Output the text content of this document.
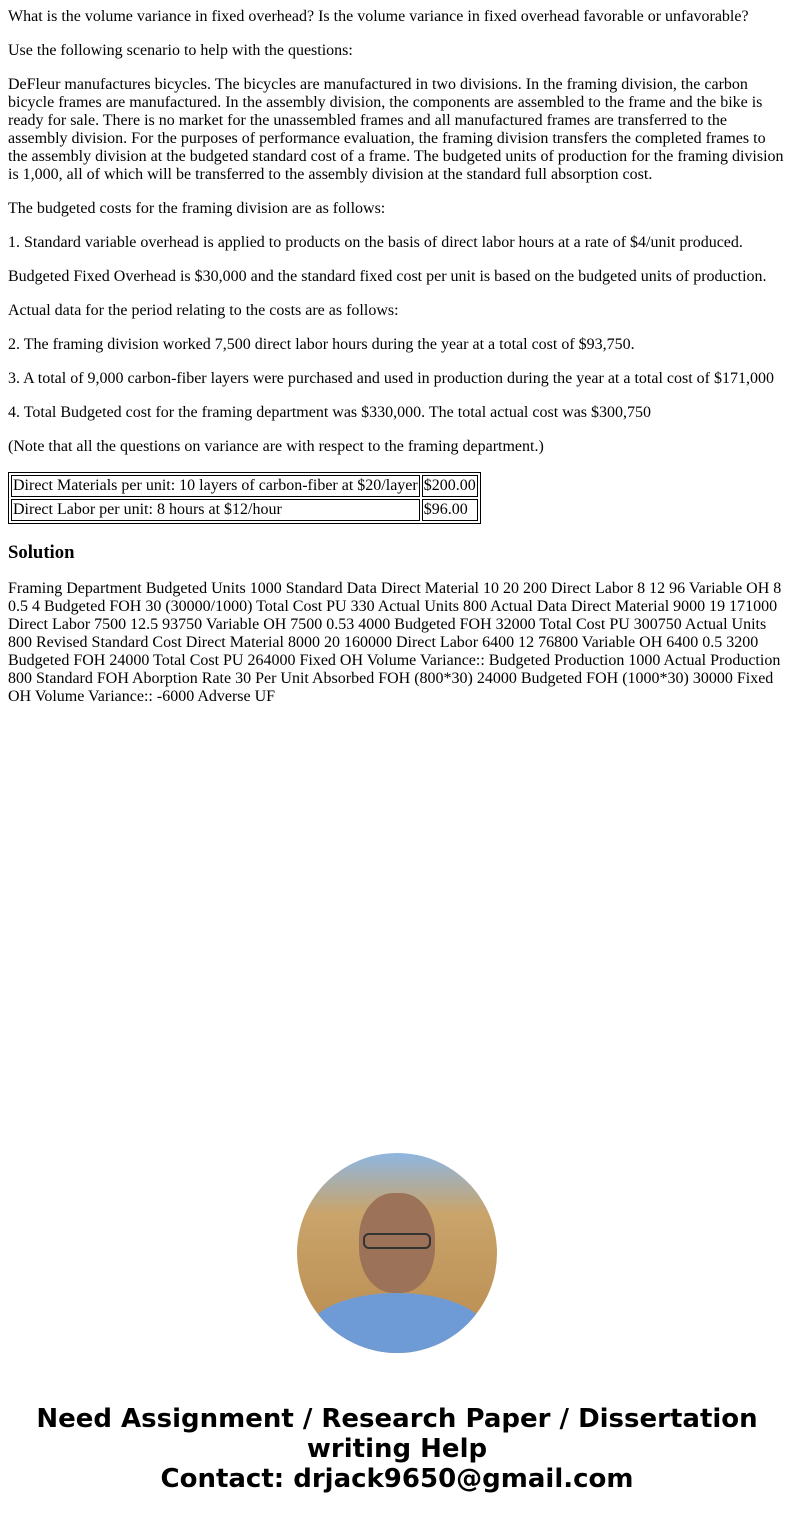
What is the volume variance in fixed overhead? Is the volume variance in fixed overhead favorable or unfavorable?

Use the following scenario to help with the questions:

DeFleur manufactures bicycles. The bicycles are manufactured in two divisions. In the framing division, the carbon bicycle frames are manufactured. In the assembly division, the components are assembled to the frame and the bike is ready for sale. There is no market for the unassembled frames and all manufactured frames are transferred to the assembly division. For the purposes of performance evaluation, the framing division transfers the completed frames to the assembly division at the budgeted standard cost of a frame. The budgeted units of production for the framing division is 1,000, all of which will be transferred to the assembly division at the standard full absorption cost.

The budgeted costs for the framing division are as follows:

1. Standard variable overhead is applied to products on the basis of direct labor hours at a rate of $4/unit produced.

Budgeted Fixed Overhead is $30,000 and the standard fixed cost per unit is based on the budgeted units of production.

Actual data for the period relating to the costs are as follows:

2. The framing division worked 7,500 direct labor hours during the year at a total cost of $93,750.

3. A total of 9,000 carbon-fiber layers were purchased and used in production during the year at a total cost of $171,000

4. Total Budgeted cost for the framing department was $330,000. The total actual cost was $300,750

(Note that all the questions on variance are with respect to the framing department.)

Direct Materials per unit: 10 layers of carbon-fiber at $20/layer	$200.00
Direct Labor per unit: 8 hours at $12/hour	$96.00
Solution

Framing Department Budgeted Units 1000 Standard Data Direct Material 10 20 200 Direct Labor 8 12 96 Variable OH 8 0.5 4 Budgeted FOH 30 (30000/1000) Total Cost PU 330 Actual Units 800 Actual Data Direct Material 9000 19 171000 Direct Labor 7500 12.5 93750 Variable OH 7500 0.53 4000 Budgeted FOH 32000 Total Cost PU 300750 Actual Units 800 Revised Standard Cost Direct Material 8000 20 160000 Direct Labor 6400 12 76800 Variable OH 6400 0.5 3200 Budgeted FOH 24000 Total Cost PU 264000 Fixed OH Volume Variance:: Budgeted Production 1000 Actual Production 800 Standard FOH Aborption Rate 30 Per Unit Absorbed FOH (800*30) 24000 Budgeted FOH (1000*30) 30000 Fixed OH Volume Variance:: -6000 Adverse UF

Need Assignment / Research Paper / Dissertation writing Help
Contact: drjack9650@gmail.com
